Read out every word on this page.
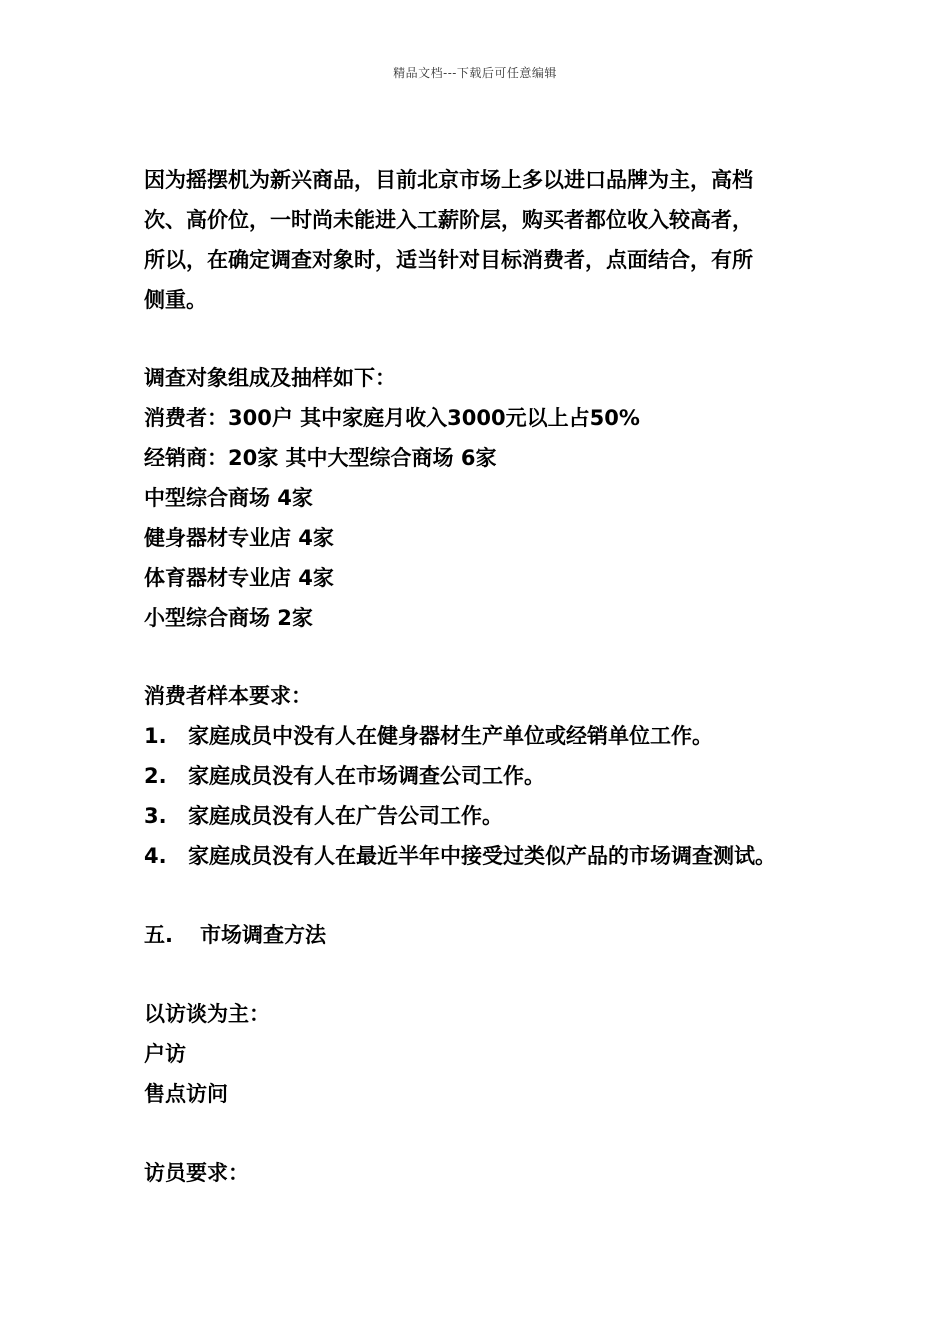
精品文档---下载后可任意编辑
因为摇摆机为新兴商品，目前北京市场上多以进口品牌为主，高档
次、高价位，一时尚未能进入工薪阶层，购买者都位收入较高者，
所以，在确定调查对象时，适当针对目标消费者，点面结合，有所
侧重。
调查对象组成及抽样如下：
消费者：300户 其中家庭月收入3000元以上占50%
经销商：20家 其中大型综合商场 6家
中型综合商场 4家
健身器材专业店 4家
体育器材专业店 4家
小型综合商场 2家
消费者样本要求：
1. 家庭成员中没有人在健身器材生产单位或经销单位工作。
2. 家庭成员没有人在市场调查公司工作。
3. 家庭成员没有人在广告公司工作。
4. 家庭成员没有人在最近半年中接受过类似产品的市场调查测试。
五. 市场调查方法
以访谈为主：
户访
售点访问
访员要求：
